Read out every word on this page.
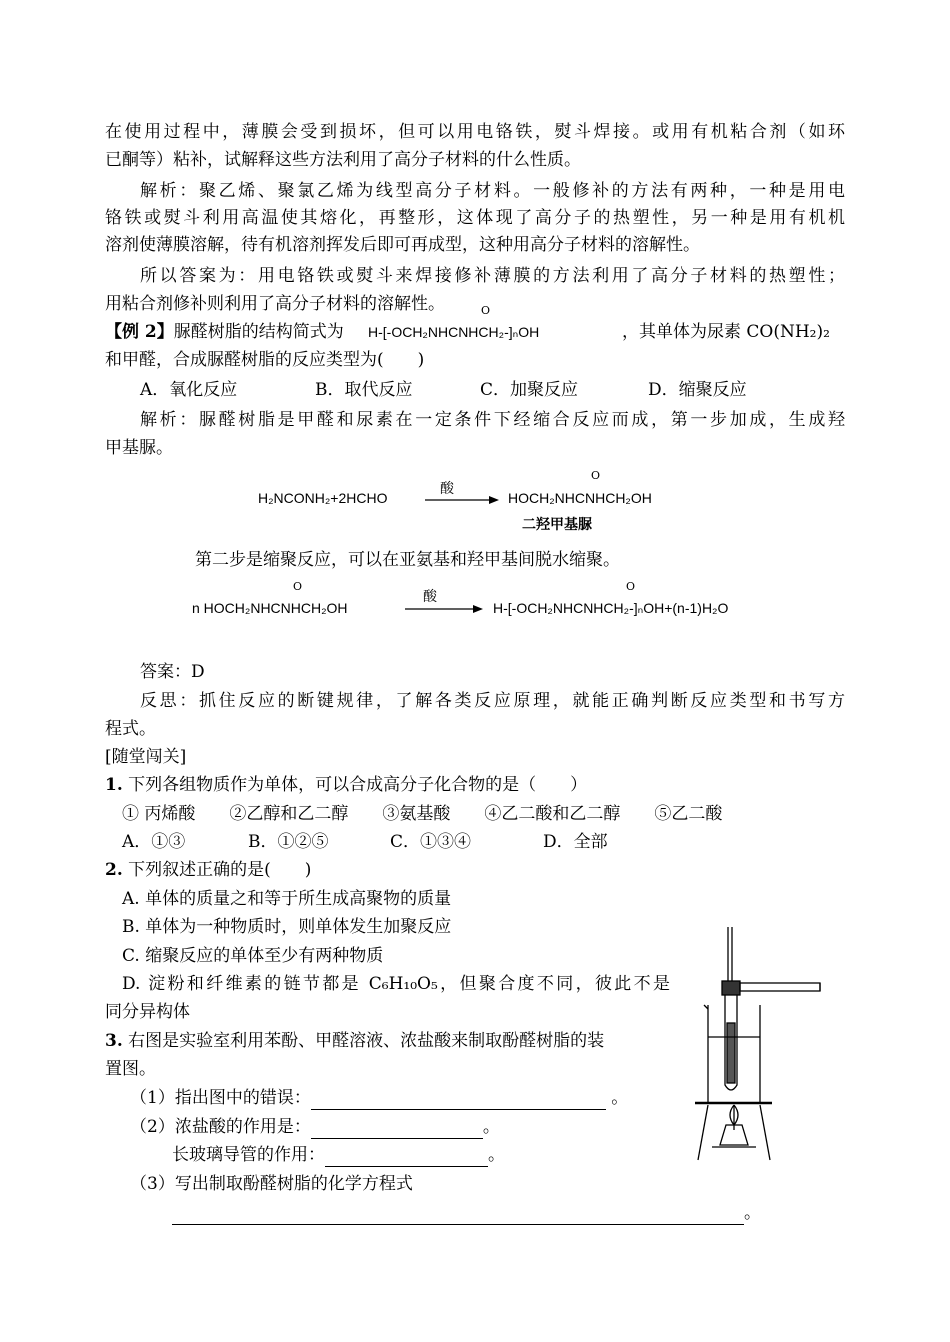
在使用过程中，薄膜会受到损坏，但可以用电铬铁，熨斗焊接。或用有机粘合剂（如环
已酮等）粘补，试解释这些方法利用了高分子材料的什么性质。
解析：聚乙烯、聚氯乙烯为线型高分子材料。一般修补的方法有两种，一种是用电
铬铁或熨斗利用高温使其熔化，再整形，这体现了高分子的热塑性，另一种是用有机机
溶剂使薄膜溶解，待有机溶剂挥发后即可再成型，这种用高分子材料的溶解性。
所以答案为：用电铬铁或熨斗来焊接修补薄膜的方法利用了高分子材料的热塑性；
用粘合剂修补则利用了高分子材料的溶解性。
【例 2】脲醛树脂的结构简式为
O
H-[-OCH₂NHCNHCH₂-]ₙOH	，其单体为尿素 CO(NH₂)₂
和甲醛，合成脲醛树脂的反应类型为(　　)
A．氧化反应	B．取代反应	C．加聚反应	D．缩聚反应
解析：脲醛树脂是甲醛和尿素在一定条件下经缩合反应而成，第一步加成，生成羟
甲基脲。
H₂NCONH₂+2HCHO
酸
O
HOCH₂NHCNHCH₂OH
二羟甲基脲
第二步是缩聚反应，可以在亚氨基和羟甲基间脱水缩聚。
O
n HOCH₂NHCNHCH₂OH
酸
O
H-[-OCH₂NHCNHCH₂-]ₙOH+(n-1)H₂O
答案：D
反思：抓住反应的断键规律，了解各类反应原理，就能正确判断反应类型和书写方
程式。
[随堂闯关]
1. 下列各组物质作为单体，可以合成高分子化合物的是（　　）
① 丙烯酸　　②乙醇和乙二醇　　③氨基酸　　④乙二酸和乙二醇　　⑤乙二酸
A．①③	B．①②⑤	C．①③④	D．全部
2. 下列叙述正确的是(　　)
A. 单体的质量之和等于所生成高聚物的质量
B. 单体为一种物质时，则单体发生加聚反应
C. 缩聚反应的单体至少有两种物质
D. 淀粉和纤维素的链节都是 C₆H₁₀O₅，但聚合度不同，彼此不是
同分异构体
3. 右图是实验室利用苯酚、甲醛溶液、浓盐酸来制取酚醛树脂的装
置图。
（1）指出图中的错误：	。
（2）浓盐酸的作用是：	。
长玻璃导管的作用：	。
（3）写出制取酚醛树脂的化学方程式
。
